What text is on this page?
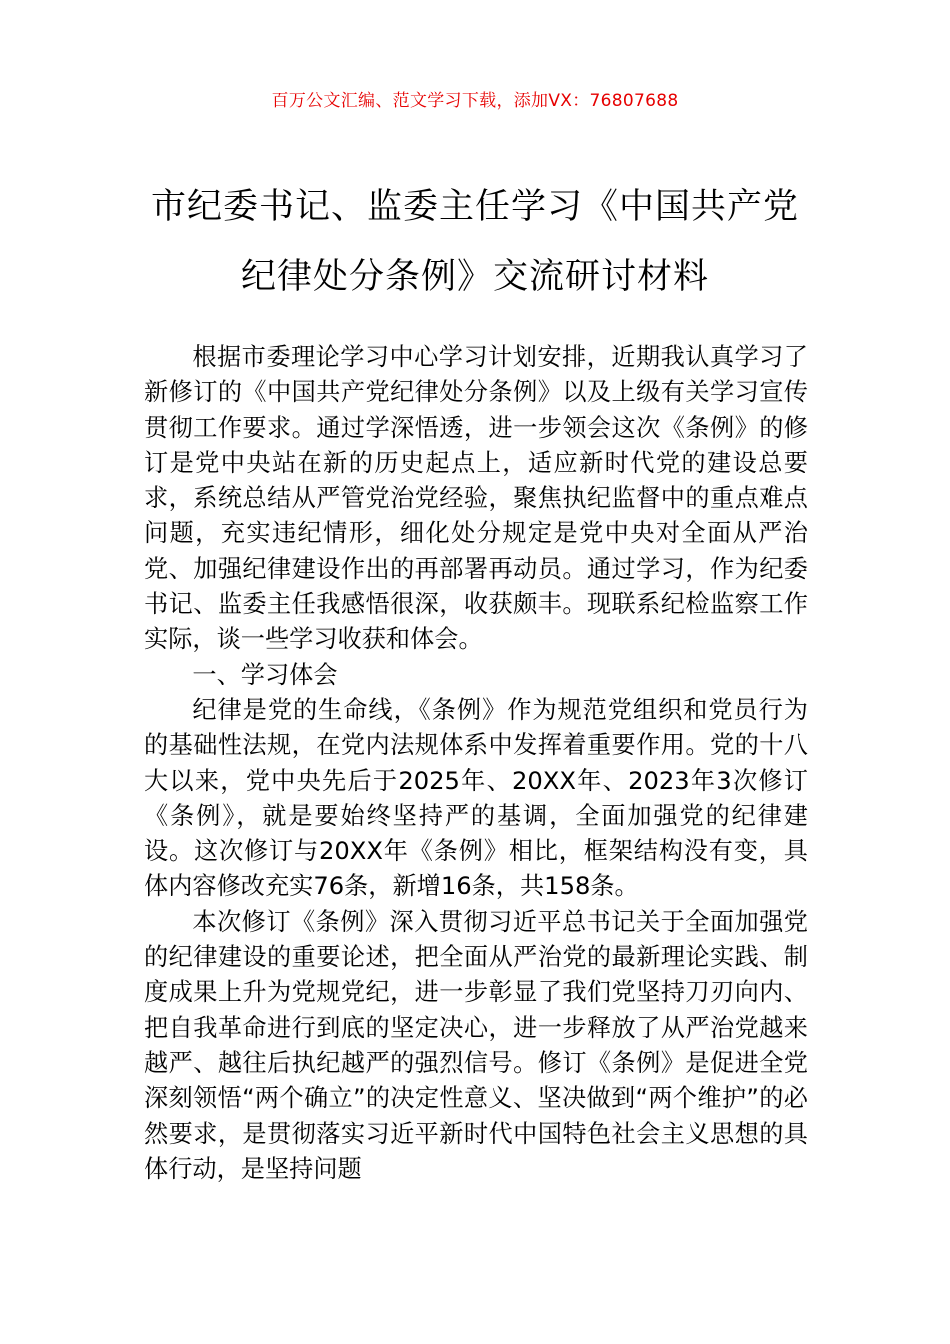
百万公文汇编、范文学习下载，添加VX：76807688
市纪委书记、监委主任学习《中国共产党
纪律处分条例》交流研讨材料

根据市委理论学习中心学习计划安排，近期我认真学习了新修订的《中国共产党纪律处分条例》以及上级有关学习宣传贯彻工作要求。通过学深悟透，进一步领会这次《条例》的修订是党中央站在新的历史起点上，适应新时代党的建设总要求，系统总结从严管党治党经验，聚焦执纪监督中的重点难点问题，充实违纪情形，细化处分规定是党中央对全面从严治党、加强纪律建设作出的再部署再动员。通过学习，作为纪委书记、监委主任我感悟很深，收获颇丰。现联系纪检监察工作实际，谈一些学习收获和体会。

一、学习体会

纪律是党的生命线，《条例》作为规范党组织和党员行为的基础性法规，在党内法规体系中发挥着重要作用。党的十八大以来，党中央先后于2025年、20XX年、2023年3次修订《条例》，就是要始终坚持严的基调，全面加强党的纪律建设。这次修订与20XX年《条例》相比，框架结构没有变，具体内容修改充实76条，新增16条，共158条。

本次修订《条例》深入贯彻习近平总书记关于全面加强党的纪律建设的重要论述，把全面从严治党的最新理论实践、制度成果上升为党规党纪，进一步彰显了我们党坚持刀刃向内、把自我革命进行到底的坚定决心，进一步释放了从严治党越来越严、越往后执纪越严的强烈信号。修订《条例》是促进全党深刻领悟“两个确立”的决定性意义、坚决做到“两个维护”的必然要求，是贯彻落实习近平新时代中国特色社会主义思想的具体行动，是坚持问题
